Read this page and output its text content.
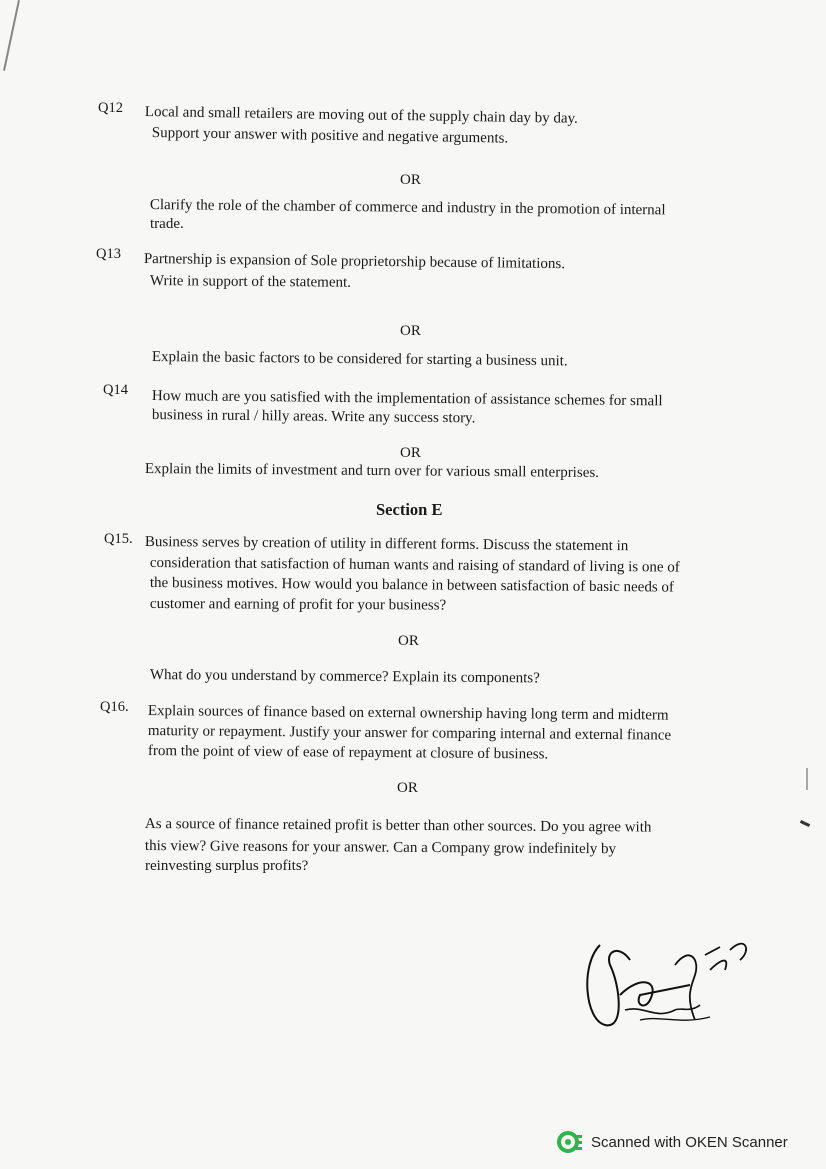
Q12 Local and small retailers are moving out of the supply chain day by day.
Support your answer with positive and negative arguments.
OR
Clarify the role of the chamber of commerce and industry in the promotion of internal
trade.
Q13 Partnership is expansion of Sole proprietorship because of limitations.
Write in support of the statement.
OR
Explain the basic factors to be considered for starting a business unit.
Q14 How much are you satisfied with the implementation of assistance schemes for small
business in rural / hilly areas. Write any success story.
OR
Explain the limits of investment and turn over for various small enterprises.
Section E
Q15. Business serves by creation of utility in different forms. Discuss the statement in
consideration that satisfaction of human wants and raising of standard of living is one of
the business motives. How would you balance in between satisfaction of basic needs of
customer and earning of profit for your business?
OR
What do you understand by commerce? Explain its components?
Q16. Explain sources of finance based on external ownership having long term and midterm
maturity or repayment. Justify your answer for comparing internal and external finance
from the point of view of ease of repayment at closure of business.
OR
As a source of finance retained profit is better than other sources. Do you agree with
this view? Give reasons for your answer. Can a Company grow indefinitely by
reinvesting surplus profits?
Scanned with OKEN Scanner
